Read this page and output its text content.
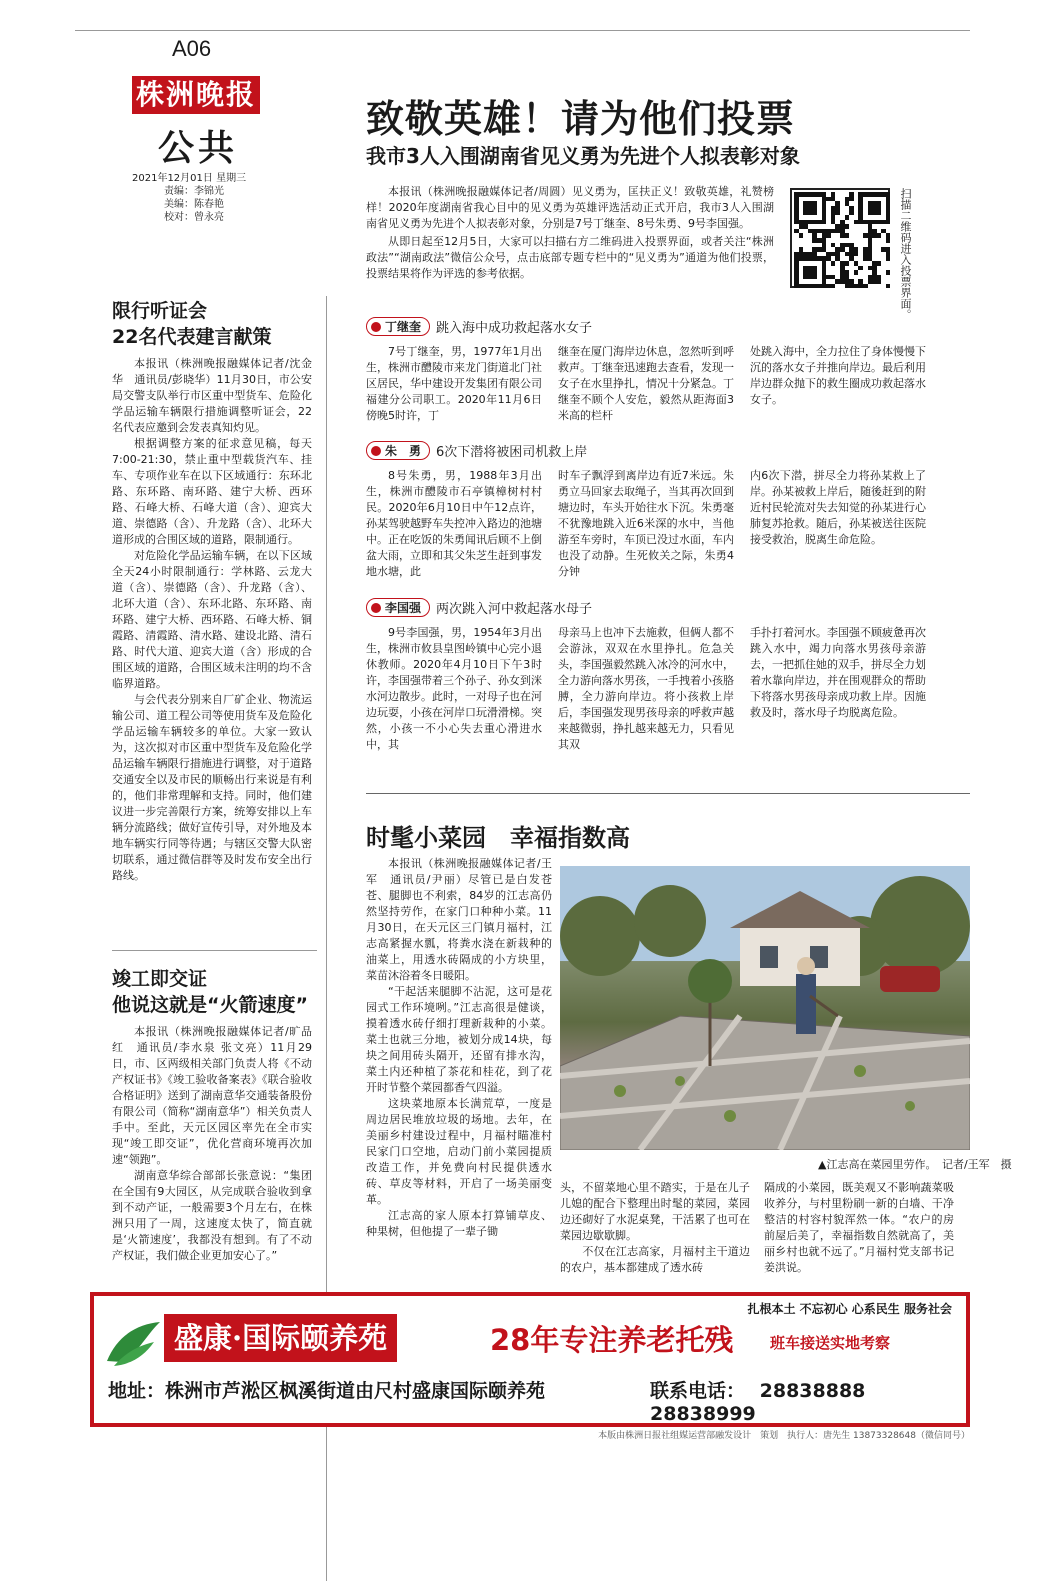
A06
株洲晚报
公共
2021年12月01日 星期三
责编：李锦光
美编：陈春艳
校对：曾永亮
致敬英雄！请为他们投票
我市3人入围湖南省见义勇为先进个人拟表彰对象

本报讯（株洲晚报融媒体记者/周圆）见义勇为，匡扶正义！致敬英雄，礼赞榜样！2020年度湖南省我心目中的见义勇为英雄评选活动正式开启，我市3人入围湖南省见义勇为先进个人拟表彰对象，分别是7号丁继奎、8号朱勇、9号李国强。

从即日起至12月5日，大家可以扫描右方二维码进入投票界面，或者关注“株洲政法”“湖南政法”微信公众号，点击底部专题专栏中的“见义勇为”通道为他们投票，投票结果将作为评选的参考依据。	扫描二维码进入投票界面。
丁继奎	跳入海中成功救起落水女子

7号丁继奎，男，1977年1月出生，株洲市醴陵市来龙门街道北门社区居民，华中建设开发集团有限公司福建分公司职工。2020年11月6日傍晚5时许，丁

继奎在厦门海岸边休息，忽然听到呼救声。丁继奎迅速跑去查看，发现一女子在水里挣扎，情况十分紧急。丁继奎不顾个人安危，毅然从距海面3米高的栏杆

处跳入海中，全力拉住了身体慢慢下沉的落水女子并推向岸边。最后利用岸边群众抛下的救生圈成功救起落水女子。

朱　勇	6次下潜将被困司机救上岸

8号朱勇，男，1988年3月出生，株洲市醴陵市石亭镇樟树村村民。2020年6月10日中午12点许，孙某驾驶越野车失控冲入路边的池塘中。正在吃饭的朱勇闻讯后顾不上倒盆大雨，立即和其父朱芝生赶到事发地水塘，此

时车子飘浮到离岸边有近7米远。朱勇立马回家去取绳子，当其再次回到塘边时，车头开始往水下沉。朱勇毫不犹豫地跳入近6米深的水中，当他游至车旁时，车顶已没过水面，车内也没了动静。生死攸关之际，朱勇4分钟

内6次下潜，拼尽全力将孙某救上了岸。孙某被救上岸后，随後赶到的附近村民轮流对失去知觉的孙某进行心肺复苏抢救。随后，孙某被送往医院接受救治，脱离生命危险。

李国强	两次跳入河中救起落水母子

9号李国强，男，1954年3月出生，株洲市攸县皇图岭镇中心完小退休教师。2020年4月10日下午3时许，李国强带着三个孙子、孙女到洣水河边散步。此时，一对母子也在河边玩耍，小孩在河岸口玩滑滑梯。突然，小孩一不小心失去重心滑进水中，其

母亲马上也冲下去施救，但俩人都不会游泳，双双在水里挣扎。危急关头，李国强毅然跳入冰冷的河水中，全力游向落水男孩，一手拽着小孩胳膊，全力游向岸边。将小孩救上岸后，李国强发现男孩母亲的呼救声越来越微弱，挣扎越来越无力，只看见其双

手扑打着河水。李国强不顾疲惫再次跳入水中，竭力向落水男孩母亲游去，一把抓住她的双手，拼尽全力划着水靠向岸边，并在围观群众的帮助下将落水男孩母亲成功救上岸。因施救及时，落水母子均脱离危险。

限行听证会
22名代表建言献策

本报讯（株洲晚报融媒体记者/沈金华　通讯员/彭晓华）11月30日，市公安局交警支队举行市区重中型货车、危险化学品运输车辆限行措施调整听证会，22名代表应邀到会发表真知灼见。

根据调整方案的征求意见稿，每天7:00-21:30，禁止重中型载货汽车、挂车、专项作业车在以下区域通行：东环北路、东环路、南环路、建宁大桥、西环路、石峰大桥、石峰大道（含）、迎宾大道、崇德路（含）、升龙路（含）、北环大道形成的合围区域的道路，限制通行。

对危险化学品运输车辆，在以下区域全天24小时限制通行：学林路、云龙大道（含）、崇德路（含）、升龙路（含）、北环大道（含）、东环北路、东环路、南环路、建宁大桥、西环路、石峰大桥、铜霞路、清霞路、清水路、建设北路、清石路、时代大道、迎宾大道（含）形成的合围区域的道路，合围区域未注明的均不含临界道路。

与会代表分别来自厂矿企业、物流运输公司、道工程公司等使用货车及危险化学品运输车辆较多的单位。大家一致认为，这次拟对市区重中型货车及危险化学品运输车辆限行措施进行调整，对于道路交通安全以及市民的顺畅出行来说是有利的，他们非常理解和支持。同时，他们建议进一步完善限行方案，统筹安排以上车辆分流路线；做好宣传引导，对外地及本地车辆实行同等待遇；与辖区交警大队密切联系，通过微信群等及时发布安全出行路线。

竣工即交证
他说这就是“火箭速度”

本报讯（株洲晚报融媒体记者/旷品红　通讯员/李水泉 张文亮）11月29日，市、区两级相关部门负责人将《不动产权证书》《竣工验收备案表》《联合验收合格证明》送到了湖南意华交通装备股份有限公司（简称“湖南意华”）相关负责人手中。至此，天元区园区率先在全市实现“竣工即交证”，优化营商环境再次加速“领跑”。

湖南意华综合部部长张意说：“集团在全国有9大园区，从完成联合验收到拿到不动产证，一般需要3个月左右，在株洲只用了一周，这速度太快了，简直就是‘火箭速度’，我都没有想到。有了不动产权证，我们做企业更加安心了。”

时髦小菜园　幸福指数高

本报讯（株洲晚报融媒体记者/王军　通讯员/尹丽）尽管已是白发苍苍、腿脚也不利索，84岁的江志高仍然坚持劳作，在家门口种种小菜。11月30日，在天元区三门镇月福村，江志高紧握水瓢，将粪水浇在新栽种的油菜上，用透水砖隔成的小方块里，菜苗沐浴着冬日暖阳。

“干起活来腿脚不沾泥，这可是花园式工作环境咧。”江志高很是健谈，摸着透水砖仔细打理新栽种的小菜。菜土也就三分地，被划分成14块，每块之间用砖头隔开，还留有排水沟，菜土内还种植了茶花和桂花，到了花开时节整个菜园都香气四溢。

这块菜地原本长满荒草，一度是周边居民堆放垃圾的场地。去年，在美丽乡村建设过程中，月福村瞄准村民家门口空地，启动门前小菜园提质改造工作，并免费向村民提供透水砖、草皮等材料，开启了一场美丽变革。

江志高的家人原本打算铺草皮、种果树，但他提了一辈子锄

▲江志高在菜园里劳作。　记者/王军　摄

头，不留菜地心里不踏实，于是在儿子儿媳的配合下整理出时髦的菜园，菜园边还砌好了水泥桌凳，干活累了也可在菜园边歇歇脚。
　　不仅在江志高家，月福村主干道边的农户，基本都建成了透水砖

隔成的小菜园，既美观又不影响蔬菜吸收养分，与村里粉刷一新的白墙、干净整洁的村容村貌浑然一体。“农户的房前屋后美了，幸福指数自然就高了，美丽乡村也就不远了。”月福村党支部书记姜洪说。

扎根本土 不忘初心 心系民生 服务社会
盛康·国际颐养苑	28年专注养老托残 班车接送实地考察
地址：株洲市芦淞区枫溪街道由尺村盛康国际颐养苑	联系电话： 28838888 28838999
本版由株洲日报社组媒运营部融发设计　策划　执行人：唐先生 13873328648（微信同号）
